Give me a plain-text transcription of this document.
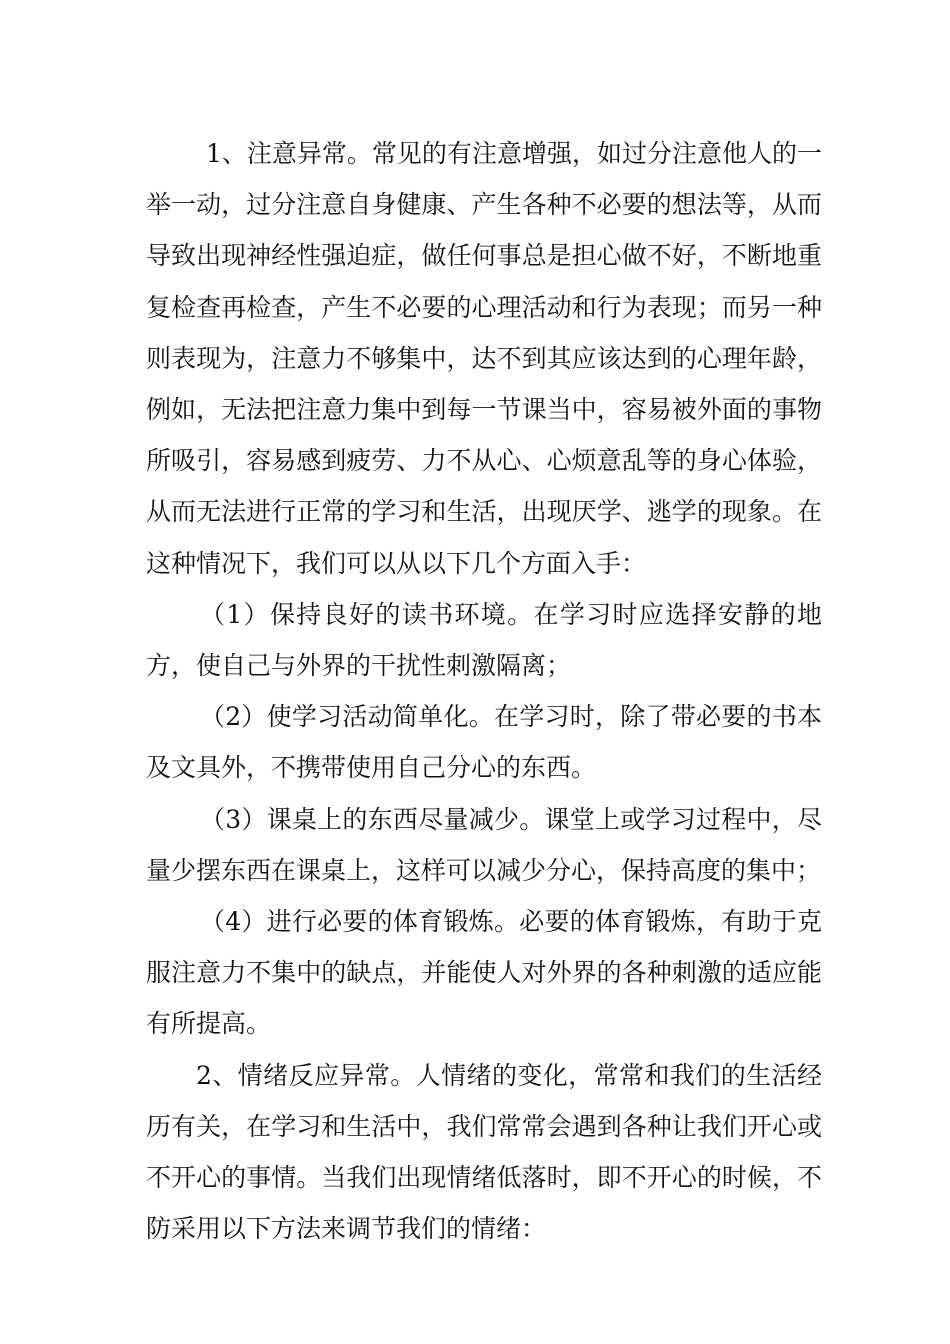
1、注意异常。常见的有注意增强，如过分注意他人的一举一动，过分注意自身健康、产生各种不必要的想法等，从而导致出现神经性强迫症，做任何事总是担心做不好，不断地重复检查再检查，产生不必要的心理活动和行为表现；而另一种则表现为，注意力不够集中，达不到其应该达到的心理年龄，例如，无法把注意力集中到每一节课当中，容易被外面的事物所吸引，容易感到疲劳、力不从心、心烦意乱等的身心体验，从而无法进行正常的学习和生活，出现厌学、逃学的现象。在这种情况下，我们可以从以下几个方面入手：

（1）保持良好的读书环境。在学习时应选择安静的地方，使自己与外界的干扰性刺激隔离；

（2）使学习活动简单化。在学习时，除了带必要的书本及文具外，不携带使用自己分心的东西。

（3）课桌上的东西尽量减少。课堂上或学习过程中，尽量少摆东西在课桌上，这样可以减少分心，保持高度的集中；

（4）进行必要的体育锻炼。必要的体育锻炼，有助于克服注意力不集中的缺点，并能使人对外界的各种刺激的适应能有所提高。

2、情绪反应异常。人情绪的变化，常常和我们的生活经历有关，在学习和生活中，我们常常会遇到各种让我们开心或不开心的事情。当我们出现情绪低落时，即不开心的时候，不防采用以下方法来调节我们的情绪：
